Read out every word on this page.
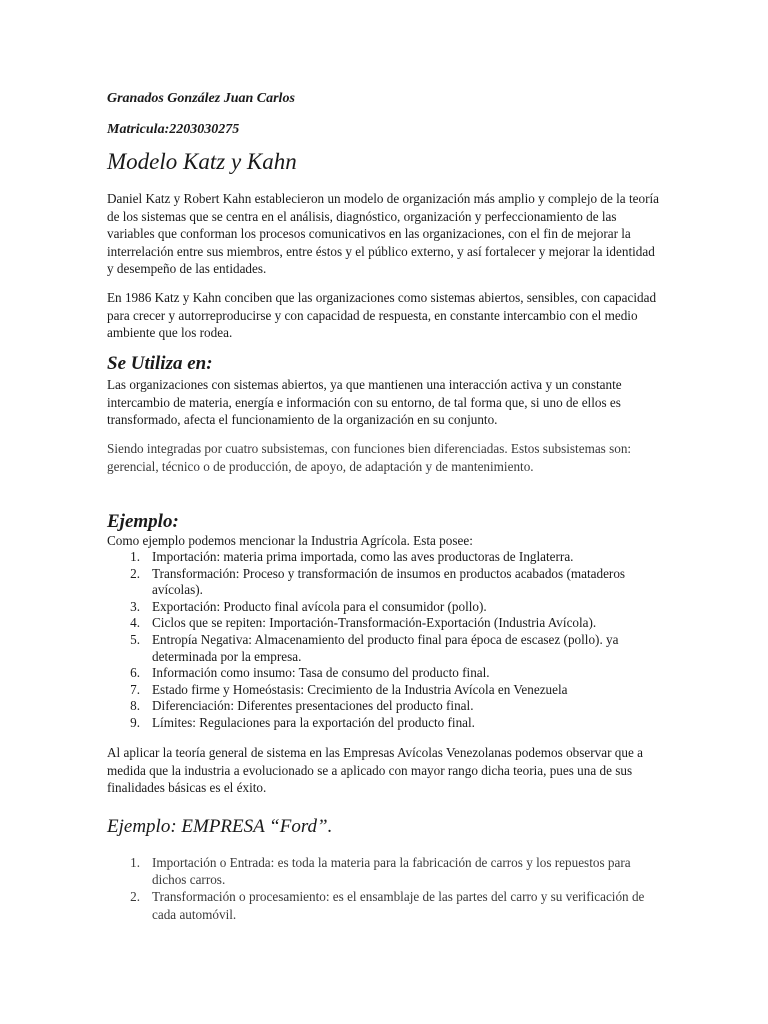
Granados González Juan Carlos
Matricula:2203030275
Modelo Katz y Kahn

Daniel Katz y Robert Kahn establecieron un modelo de organización más amplio y complejo de la teoría de los sistemas que se centra en el análisis, diagnóstico, organización y perfeccionamiento de las variables que conforman los procesos comunicativos en las organizaciones, con el fin de mejorar la interrelación entre sus miembros, entre éstos y el público externo, y así fortalecer y mejorar la identidad y desempeño de las entidades.

En 1986 Katz y Kahn conciben que las organizaciones como sistemas abiertos, sensibles, con capacidad para crecer y autorreproducirse y con capacidad de respuesta, en constante intercambio con el medio ambiente que los rodea.

Se Utiliza en:

Las organizaciones con sistemas abiertos, ya que mantienen una interacción activa y un constante intercambio de materia, energía e información con su entorno, de tal forma que, si uno de ellos es transformado, afecta el funcionamiento de la organización en su conjunto.

Siendo integradas por cuatro subsistemas, con funciones bien diferenciadas. Estos subsistemas son: gerencial, técnico o de producción, de apoyo, de adaptación y de mantenimiento.

Ejemplo:

Como ejemplo podemos mencionar la Industria Agrícola. Esta posee:

1. Importación: materia prima importada, como las aves productoras de Inglaterra.
2. Transformación: Proceso y transformación de insumos en productos acabados (mataderos avícolas).
3. Exportación: Producto final avícola para el consumidor (pollo).
4. Ciclos que se repiten: Importación-Transformación-Exportación (Industria Avícola).
5. Entropía Negativa: Almacenamiento del producto final para época de escasez (pollo). ya determinada por la empresa.
6. Información como insumo: Tasa de consumo del producto final.
7. Estado firme y Homeóstasis: Crecimiento de la Industria Avícola en Venezuela
8. Diferenciación: Diferentes presentaciones del producto final.
9. Límites: Regulaciones para la exportación del producto final.

Al aplicar la teoría general de sistema en las Empresas Avícolas Venezolanas podemos observar que a medida que la industria a evolucionado se a aplicado con mayor rango dicha teoria, pues una de sus finalidades básicas es el éxito.

Ejemplo: EMPRESA “Ford”.
1. Importación o Entrada: es toda la materia para la fabricación de carros y los repuestos para dichos carros.
2. Transformación o procesamiento: es el ensamblaje de las partes del carro y su verificación de cada automóvil.
